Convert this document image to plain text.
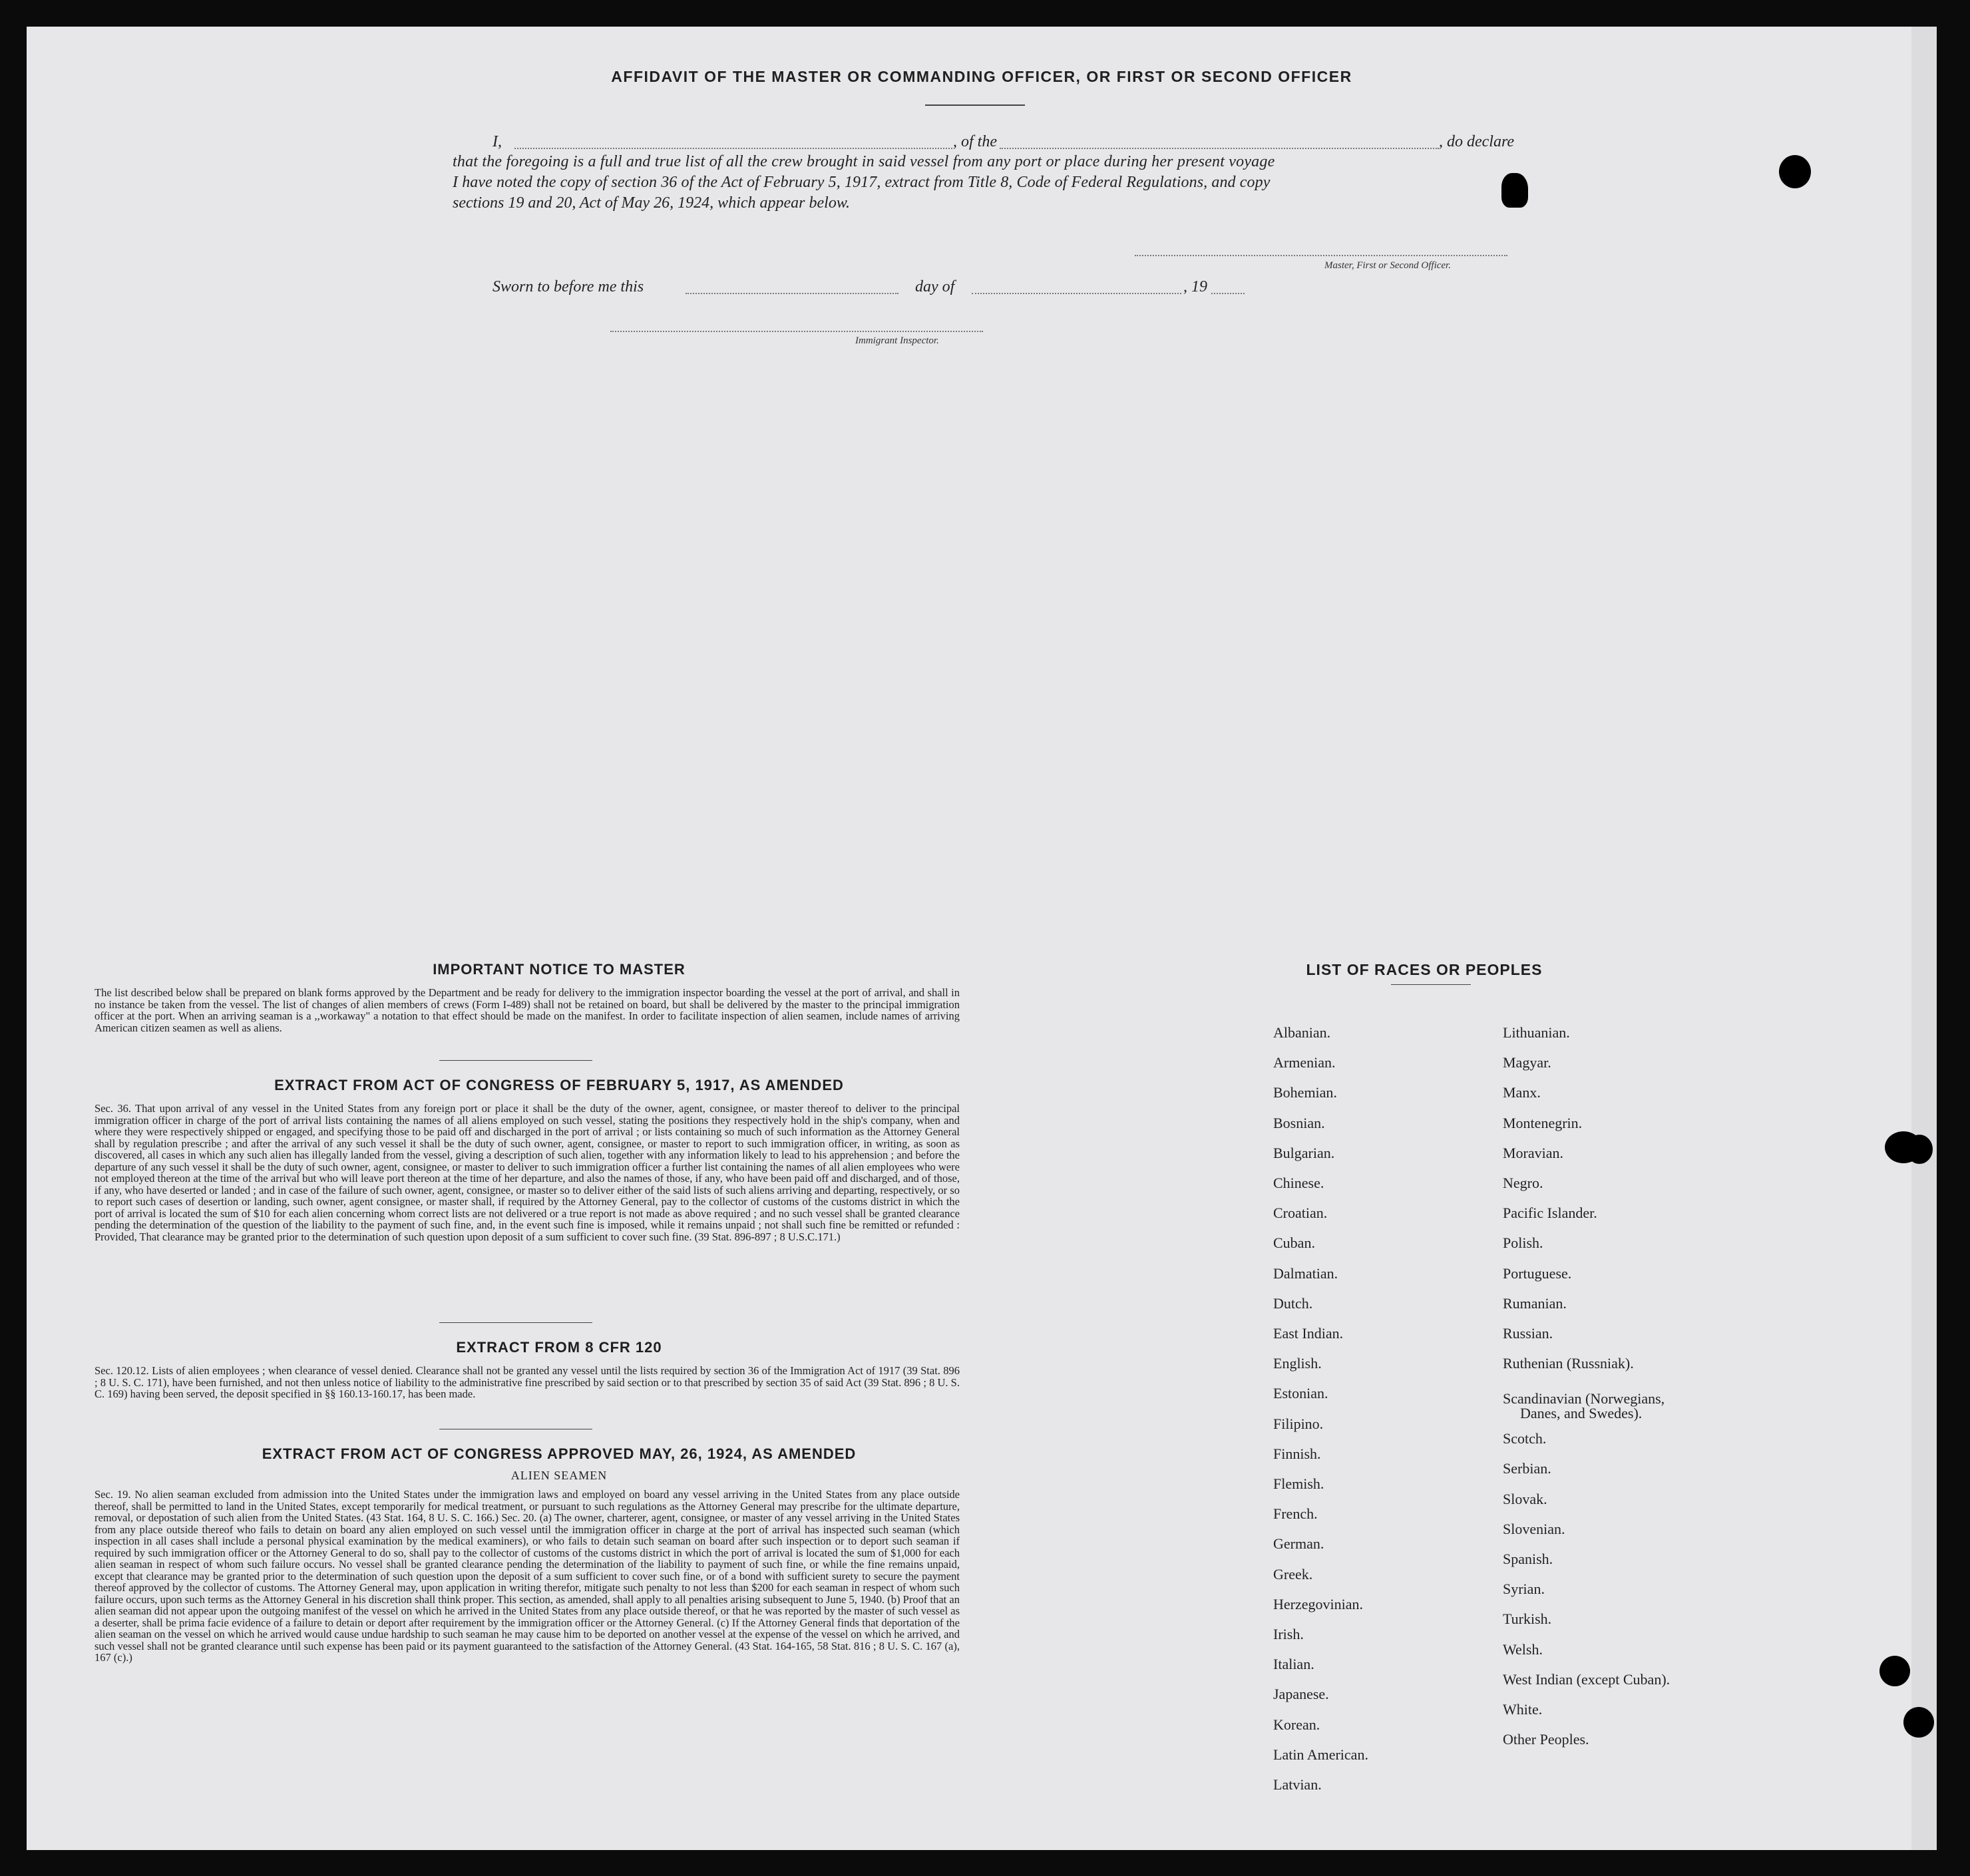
AFFIDAVIT OF THE MASTER OR COMMANDING OFFICER, OR FIRST OR SECOND OFFICER
I,	, of the	, do declare
that the foregoing is a full and true list of all the crew brought in said vessel from any port or place during her present voyage
I have noted the copy of section 36 of the Act of February 5, 1917, extract from Title 8, Code of Federal Regulations, and copy
sections 19 and 20, Act of May 26, 1924, which appear below.
Master, First or Second Officer.
Sworn to before me this	day of	, 19
Immigrant Inspector.
IMPORTANT NOTICE TO MASTER
The list described below shall be prepared on blank forms approved by the Department and be ready for delivery to the immigration inspector boarding the vessel at the port of arrival, and shall in no instance be taken from the vessel. The list of changes of alien members of crews (Form I-489) shall not be retained on board, but shall be delivered by the master to the principal immigration officer at the port. When an arriving seaman is a ,,workaway" a notation to that effect should be made on the manifest. In order to facilitate inspection of alien seamen, include names of arriving American citizen seamen as well as aliens.
EXTRACT FROM ACT OF CONGRESS OF FEBRUARY 5, 1917, AS AMENDED
Sec. 36. That upon arrival of any vessel in the United States from any foreign port or place it shall be the duty of the owner, agent, consignee, or master thereof to deliver to the principal immigration officer in charge of the port of arrival lists containing the names of all aliens employed on such vessel, stating the positions they respectively hold in the ship's company, when and where they were respectively shipped or engaged, and specifying those to be paid off and discharged in the port of arrival ; or lists containing so much of such information as the Attorney General shall by regulation prescribe ; and after the arrival of any such vessel it shall be the duty of such owner, agent, consignee, or master to report to such immigration officer, in writing, as soon as discovered, all cases in which any such alien has illegally landed from the vessel, giving a description of such alien, together with any information likely to lead to his apprehension ; and before the departure of any such vessel it shall be the duty of such owner, agent, consignee, or master to deliver to such immigration officer a further list containing the names of all alien employees who were not employed thereon at the time of the arrival but who will leave port thereon at the time of her departure, and also the names of those, if any, who have been paid off and discharged, and of those, if any, who have deserted or landed ; and in case of the failure of such owner, agent, consignee, or master so to deliver either of the said lists of such aliens arriving and departing, respectively, or so to report such cases of desertion or landing, such owner, agent consignee, or master shall, if required by the Attorney General, pay to the collector of customs of the customs district in which the port of arrival is located the sum of $10 for each alien concerning whom correct lists are not delivered or a true report is not made as above required ; and no such vessel shall be granted clearance pending the determination of the question of the liability to the payment of such fine, and, in the event such fine is imposed, while it remains unpaid ; not shall such fine be remitted or refunded : Provided, That clearance may be granted prior to the determination of such question upon deposit of a sum sufficient to cover such fine. (39 Stat. 896-897 ; 8 U.S.C.171.)
EXTRACT FROM 8 CFR 120
Sec. 120.12. Lists of alien employees ; when clearance of vessel denied. Clearance shall not be granted any vessel until the lists required by section 36 of the Immigration Act of 1917 (39 Stat. 896 ; 8 U. S. C. 171), have been furnished, and not then unless notice of liability to the administrative fine prescribed by said section or to that prescribed by section 35 of said Act (39 Stat. 896 ; 8 U. S. C. 169) having been served, the deposit specified in §§ 160.13-160.17, has been made.
EXTRACT FROM ACT OF CONGRESS APPROVED MAY, 26, 1924, AS AMENDED
ALIEN SEAMEN
Sec. 19. No alien seaman excluded from admission into the United States under the immigration laws and employed on board any vessel arriving in the United States from any place outside thereof, shall be permitted to land in the United States, except temporarily for medical treatment, or pursuant to such regulations as the Attorney General may prescribe for the ultimate departure, removal, or depostation of such alien from the United States. (43 Stat. 164, 8 U. S. C. 166.) Sec. 20. (a) The owner, charterer, agent, consignee, or master of any vessel arriving in the United States from any place outside thereof who fails to detain on board any alien employed on such vessel until the immigration officer in charge at the port of arrival has inspected such seaman (which inspection in all cases shall include a personal physical examination by the medical examiners), or who fails to detain such seaman on board after such inspection or to deport such seaman if required by such immigration officer or the Attorney General to do so, shall pay to the collector of customs of the customs district in which the port of arrival is located the sum of $1,000 for each alien seaman in respect of whom such failure occurs. No vessel shall be granted clearance pending the determination of the liability to payment of such fine, or while the fine remains unpaid, except that clearance may be granted prior to the determination of such question upon the deposit of a sum sufficient to cover such fine, or of a bond with sufficient surety to secure the payment thereof approved by the collector of customs. The Attorney General may, upon application in writing therefor, mitigate such penalty to not less than $200 for each seaman in respect of whom such failure occurs, upon such terms as the Attorney General in his discretion shall think proper. This section, as amended, shall apply to all penalties arising subsequent to June 5, 1940. (b) Proof that an alien seaman did not appear upon the outgoing manifest of the vessel on which he arrived in the United States from any place outside thereof, or that he was reported by the master of such vessel as a deserter, shall be prima facie evidence of a failure to detain or deport after requirement by the immigration officer or the Attorney General. (c) If the Attorney General finds that deportation of the alien seaman on the vessel on which he arrived would cause undue hardship to such seaman he may cause him to be deported on another vessel at the expense of the vessel on which he arrived, and such vessel shall not be granted clearance until such expense has been paid or its payment guaranteed to the satisfaction of the Attorney General. (43 Stat. 164-165, 58 Stat. 816 ; 8 U. S. C. 167 (a), 167 (c).)
LIST OF RACES OR PEOPLES
Albanian.
Armenian.
Bohemian.
Bosnian.
Bulgarian.
Chinese.
Croatian.
Cuban.
Dalmatian.
Dutch.
East Indian.
English.
Estonian.
Filipino.
Finnish.
Flemish.
French.
German.
Greek.
Herzegovinian.
Irish.
Italian.
Japanese.
Korean.
Latin American.
Latvian.
Lithuanian.
Magyar.
Manx.
Montenegrin.
Moravian.
Negro.
Pacific Islander.
Polish.
Portuguese.
Rumanian.
Russian.
Ruthenian (Russniak).
Scandinavian (Norwegians,
Danes, and Swedes).
Scotch.
Serbian.
Slovak.
Slovenian.
Spanish.
Syrian.
Turkish.
Welsh.
West Indian (except Cuban).
White.
Other Peoples.
